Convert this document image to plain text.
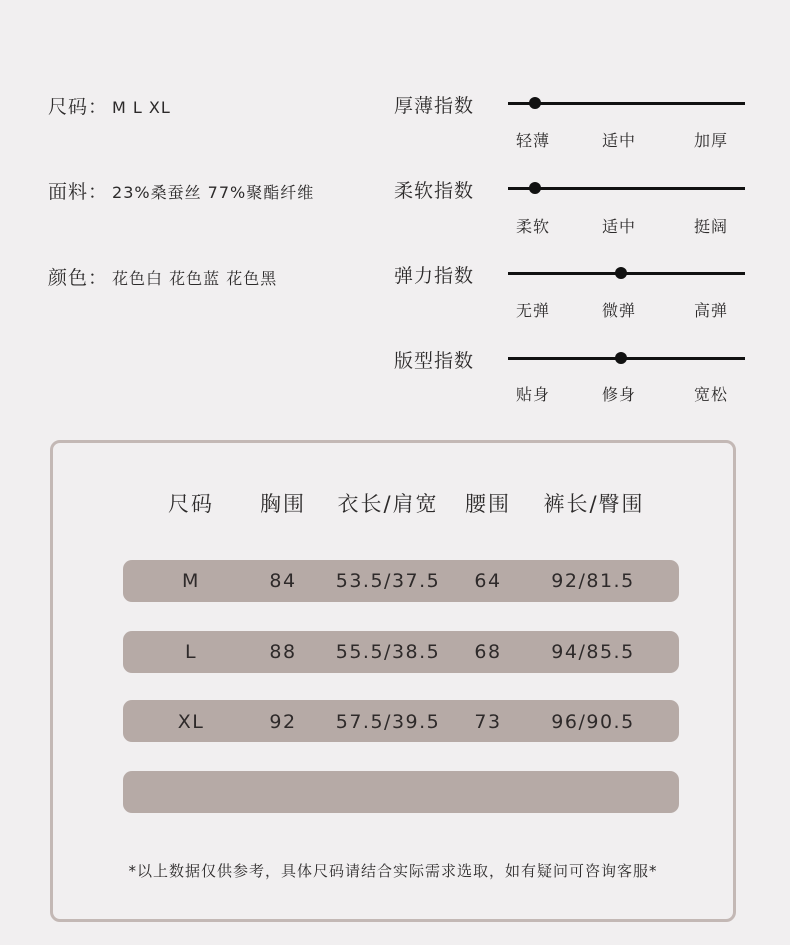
尺码： M L XL
面料： 23%桑蚕丝 77%聚酯纤维
颜色： 花色白 花色蓝 花色黑
厚薄指数
轻薄	适中	加厚
柔软指数
柔软	适中	挺阔
弹力指数
无弹	微弹	高弹
版型指数
贴身	修身	宽松
尺码	胸围	衣长/肩宽	腰围	裤长/臀围
M	84	53.5/37.5	64	92/81.5
L	88	55.5/38.5	68	94/85.5
XL	92	57.5/39.5	73	96/90.5
*以上数据仅供参考，具体尺码请结合实际需求选取，如有疑问可咨询客服*
